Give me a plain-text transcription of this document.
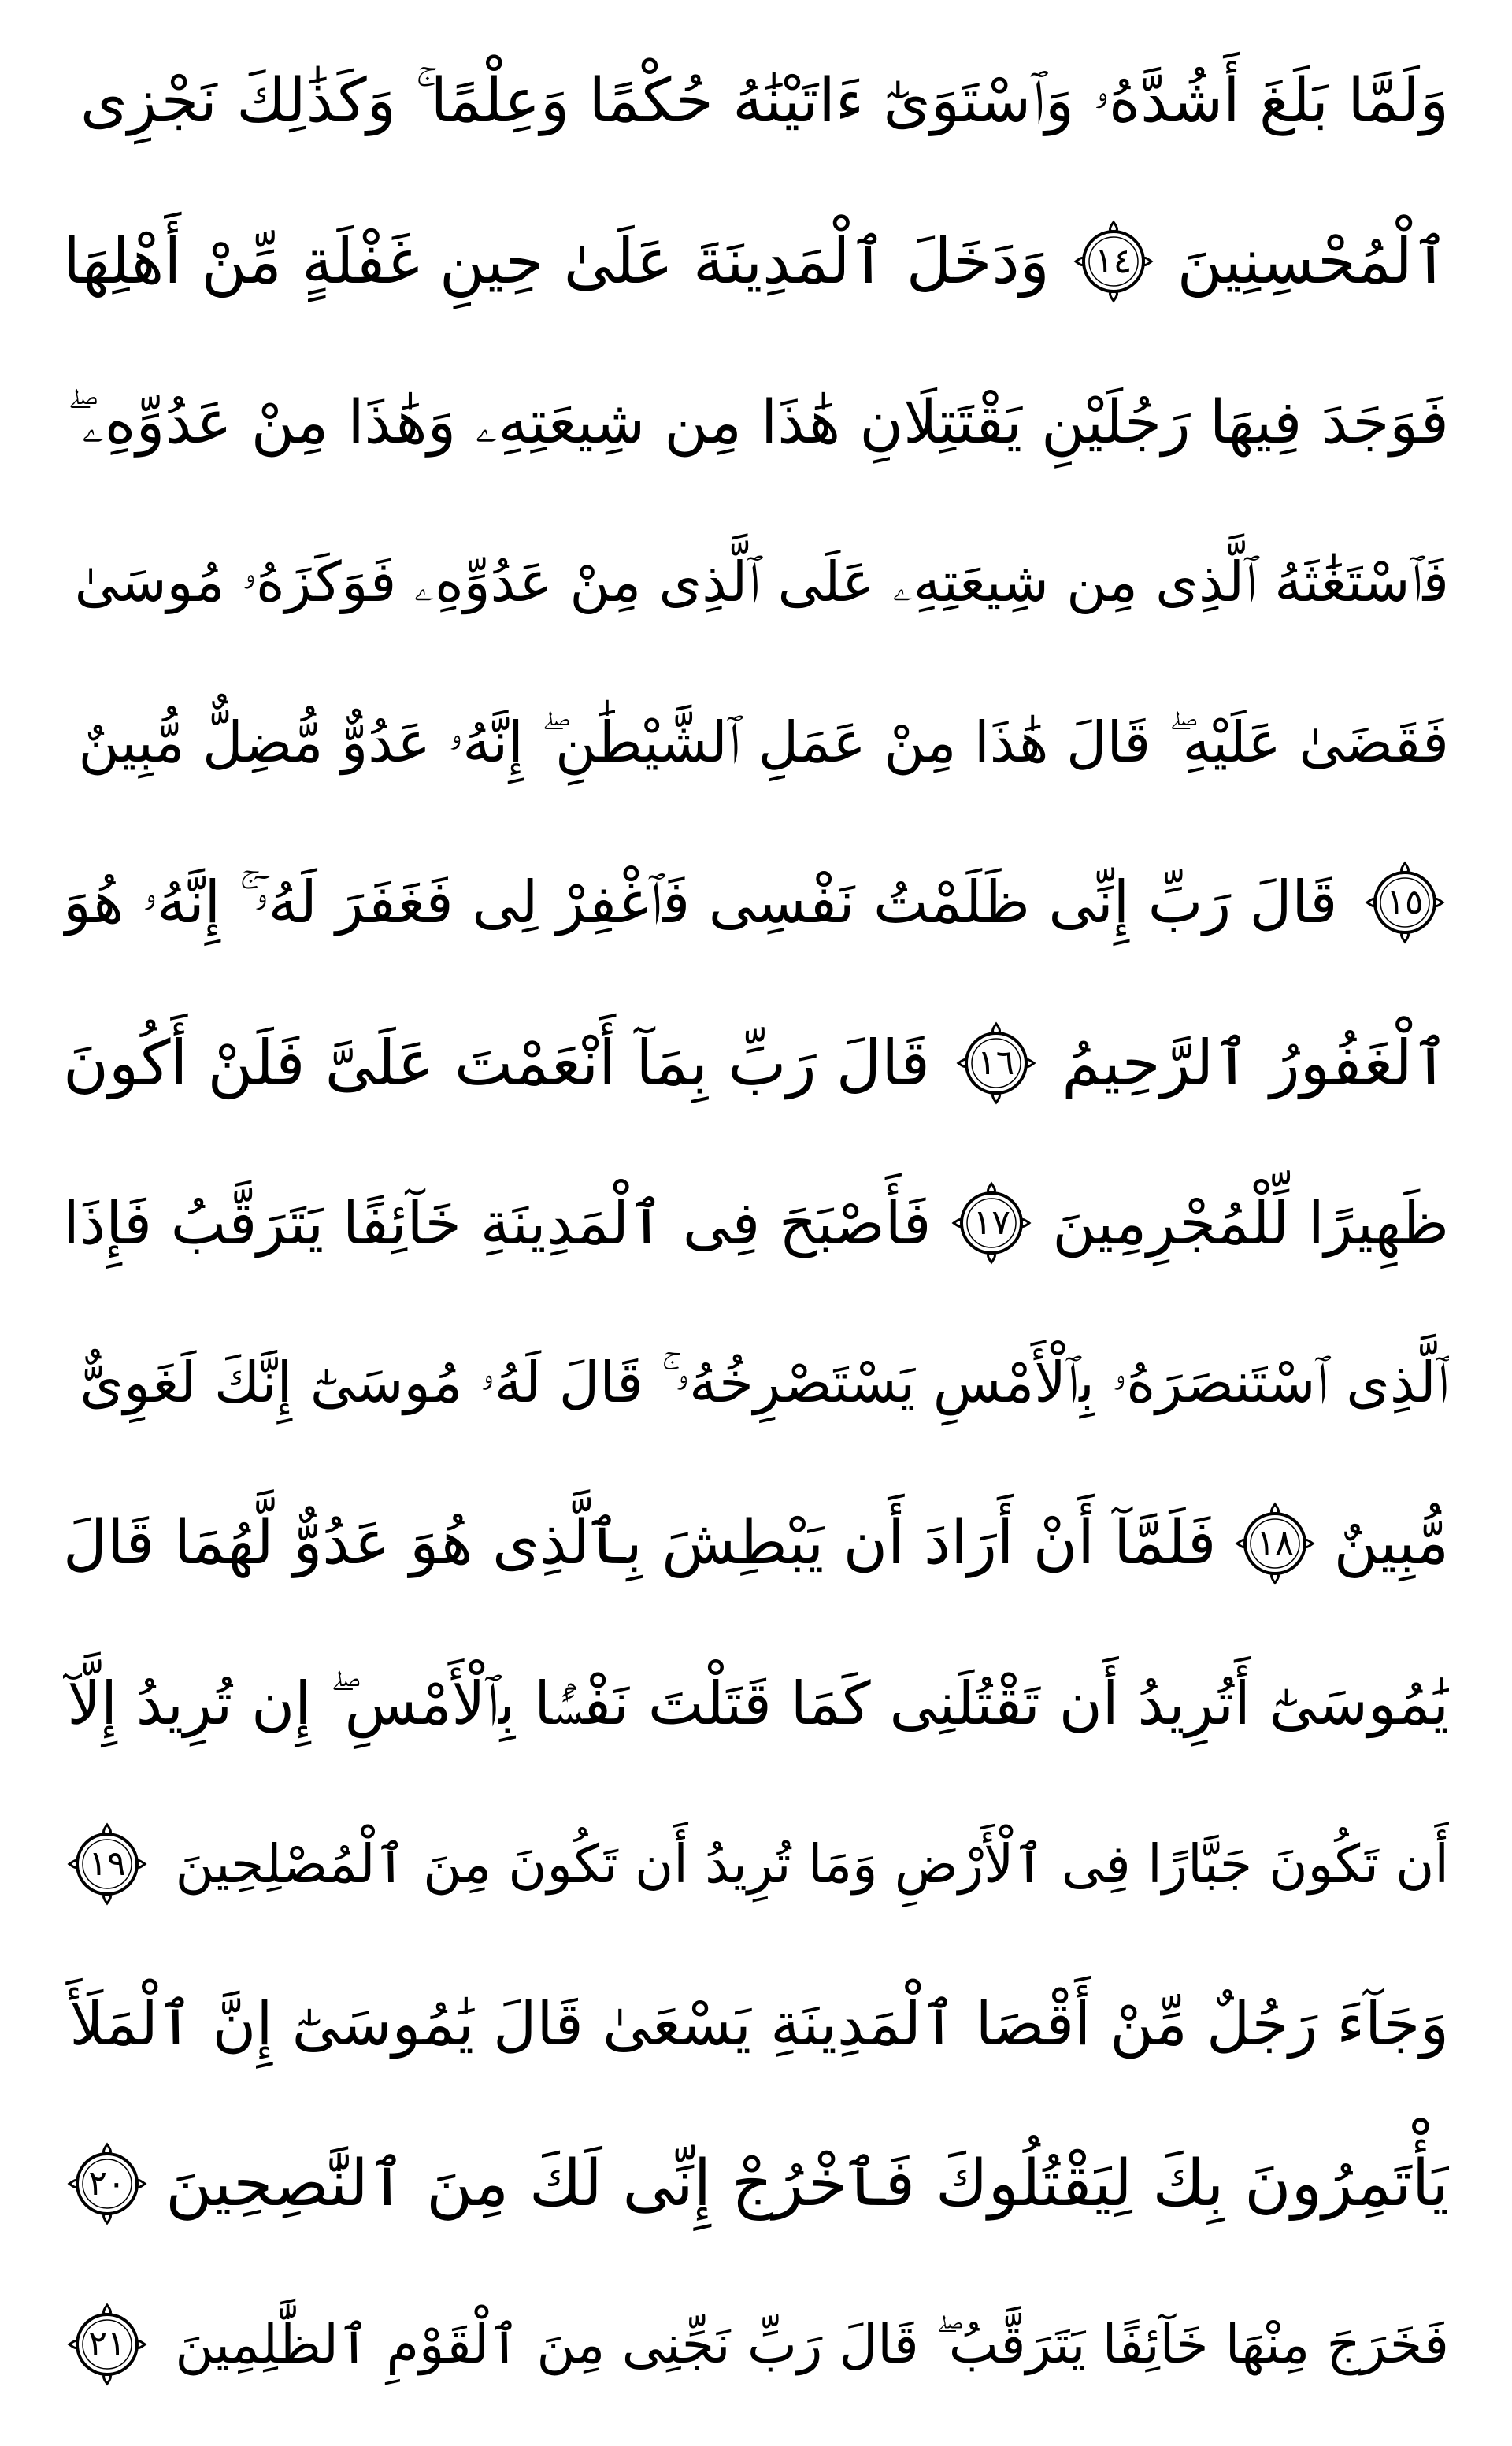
وَلَمَّا بَلَغَ أَشُدَّهُۥ وَٱسْتَوَىٰٓ ءَاتَيْنَٰهُ حُكْمًا وَعِلْمًا ۚ وَكَذَٰلِكَ نَجْزِى
ٱلْمُحْسِنِينَ
١٤
وَدَخَلَ ٱلْمَدِينَةَ عَلَىٰ حِينِ غَفْلَةٍ مِّنْ أَهْلِهَا
فَوَجَدَ فِيهَا رَجُلَيْنِ يَقْتَتِلَانِ هَٰذَا مِن شِيعَتِهِۦ وَهَٰذَا مِنْ عَدُوِّهِۦ ۖ
فَٱسْتَغَٰثَهُ ٱلَّذِى مِن شِيعَتِهِۦ عَلَى ٱلَّذِى مِنْ عَدُوِّهِۦ فَوَكَزَهُۥ مُوسَىٰ
فَقَضَىٰ عَلَيْهِ ۖ قَالَ هَٰذَا مِنْ عَمَلِ ٱلشَّيْطَٰنِ ۖ إِنَّهُۥ عَدُوٌّ مُّضِلٌّ مُّبِينٌ
١٥
قَالَ رَبِّ إِنِّى ظَلَمْتُ نَفْسِى فَٱغْفِرْ لِى فَغَفَرَ لَهُۥٓ ۚ إِنَّهُۥ هُوَ
ٱلْغَفُورُ ٱلرَّحِيمُ
١٦
قَالَ رَبِّ بِمَآ أَنْعَمْتَ عَلَىَّ فَلَنْ أَكُونَ
ظَهِيرًا لِّلْمُجْرِمِينَ
١٧
فَأَصْبَحَ فِى ٱلْمَدِينَةِ خَآئِفًا يَتَرَقَّبُ فَإِذَا
ٱلَّذِى ٱسْتَنصَرَهُۥ بِٱلْأَمْسِ يَسْتَصْرِخُهُۥ ۚ قَالَ لَهُۥ مُوسَىٰٓ إِنَّكَ لَغَوِىٌّ
مُّبِينٌ
١٨
فَلَمَّآ أَنْ أَرَادَ أَن يَبْطِشَ بِٱلَّذِى هُوَ عَدُوٌّ لَّهُمَا قَالَ
يَٰمُوسَىٰٓ أَتُرِيدُ أَن تَقْتُلَنِى كَمَا قَتَلْتَ نَفْسًۢا بِٱلْأَمْسِ ۖ إِن تُرِيدُ إِلَّآ
أَن تَكُونَ جَبَّارًا فِى ٱلْأَرْضِ وَمَا تُرِيدُ أَن تَكُونَ مِنَ ٱلْمُصْلِحِينَ
١٩
وَجَآءَ رَجُلٌ مِّنْ أَقْصَا ٱلْمَدِينَةِ يَسْعَىٰ قَالَ يَٰمُوسَىٰٓ إِنَّ ٱلْمَلَأَ
يَأْتَمِرُونَ بِكَ لِيَقْتُلُوكَ فَٱخْرُجْ إِنِّى لَكَ مِنَ ٱلنَّٰصِحِينَ
٢٠
فَخَرَجَ مِنْهَا خَآئِفًا يَتَرَقَّبُ ۖ قَالَ رَبِّ نَجِّنِى مِنَ ٱلْقَوْمِ ٱلظَّٰلِمِينَ
٢١
